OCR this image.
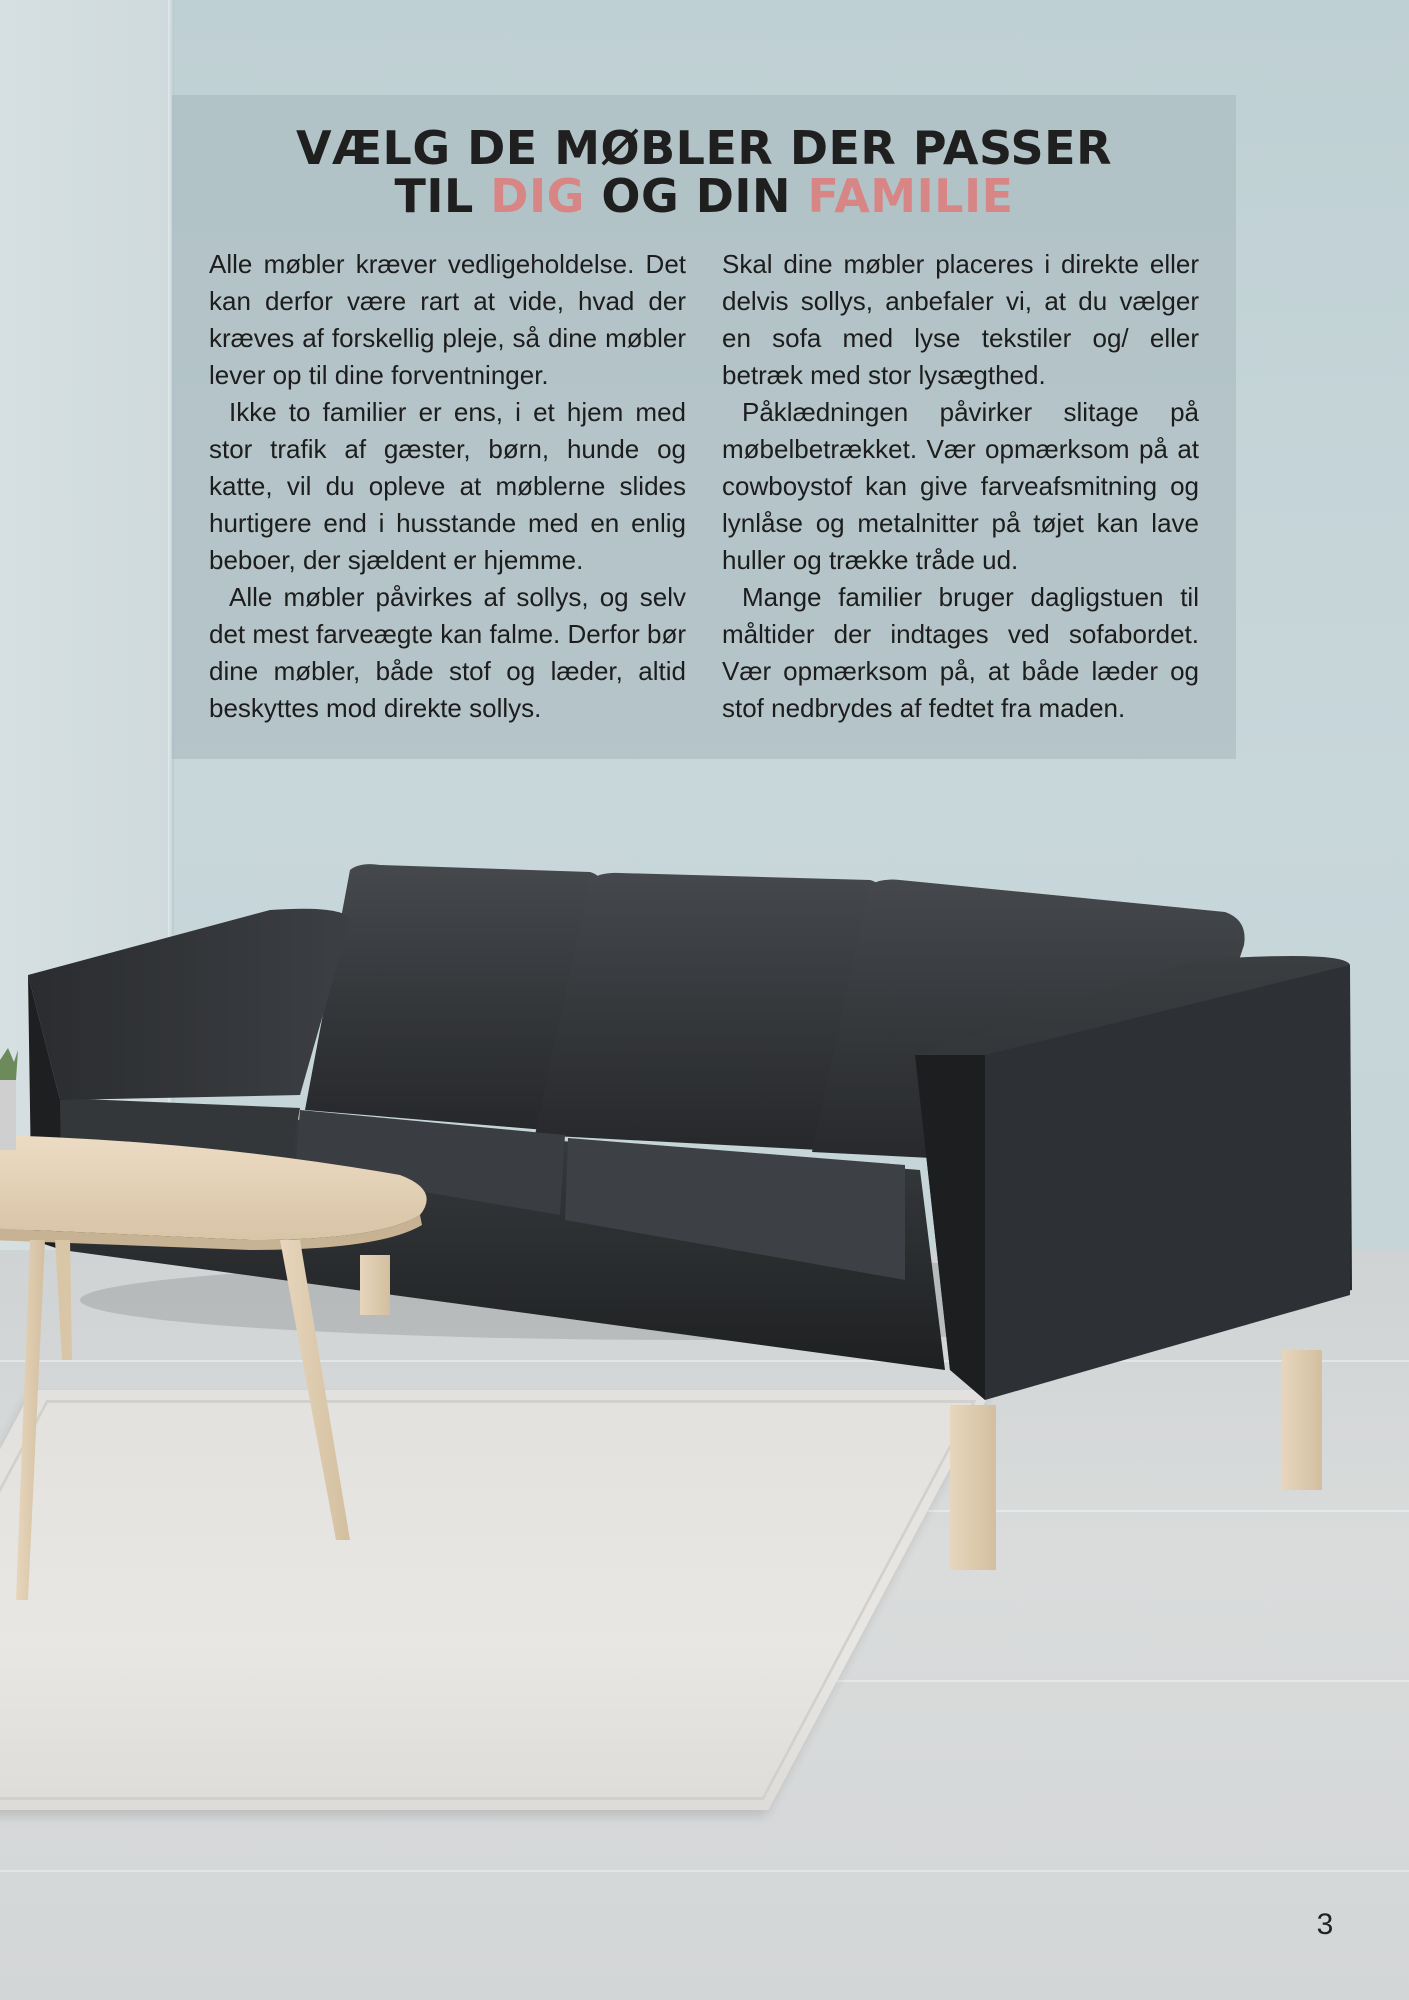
VÆLG DE MØBLER DER PASSER
TIL DIG OG DIN FAMILIE

Alle møbler kræver vedligeholdelse. Det kan derfor være rart at vide, hvad der kræves af forskellig pleje, så dine møbler lever op til dine forventninger.

Ikke to familier er ens, i et hjem med stor trafik af gæster, børn, hunde og katte, vil du opleve at møblerne slides hurtigere end i husstande med en enlig beboer, der sjældent er hjemme.

Alle møbler påvirkes af sollys, og selv det mest farveægte kan falme. Derfor bør dine møbler, både stof og læder, altid beskyttes mod direkte sollys.

Skal dine møbler placeres i direkte eller delvis sollys, anbefaler vi, at du vælger en sofa med lyse tekstiler og/ eller betræk med stor lysægthed.

Påklædningen påvirker slitage på møbelbetrækket. Vær opmærksom på at cowboystof kan give farveafsmitning og lynlåse og metalnitter på tøjet kan lave huller og trække tråde ud.

Mange familier bruger dagligstuen til måltider der indtages ved sofabordet. Vær opmærksom på, at både læder og stof nedbrydes af fedtet fra maden.

3
